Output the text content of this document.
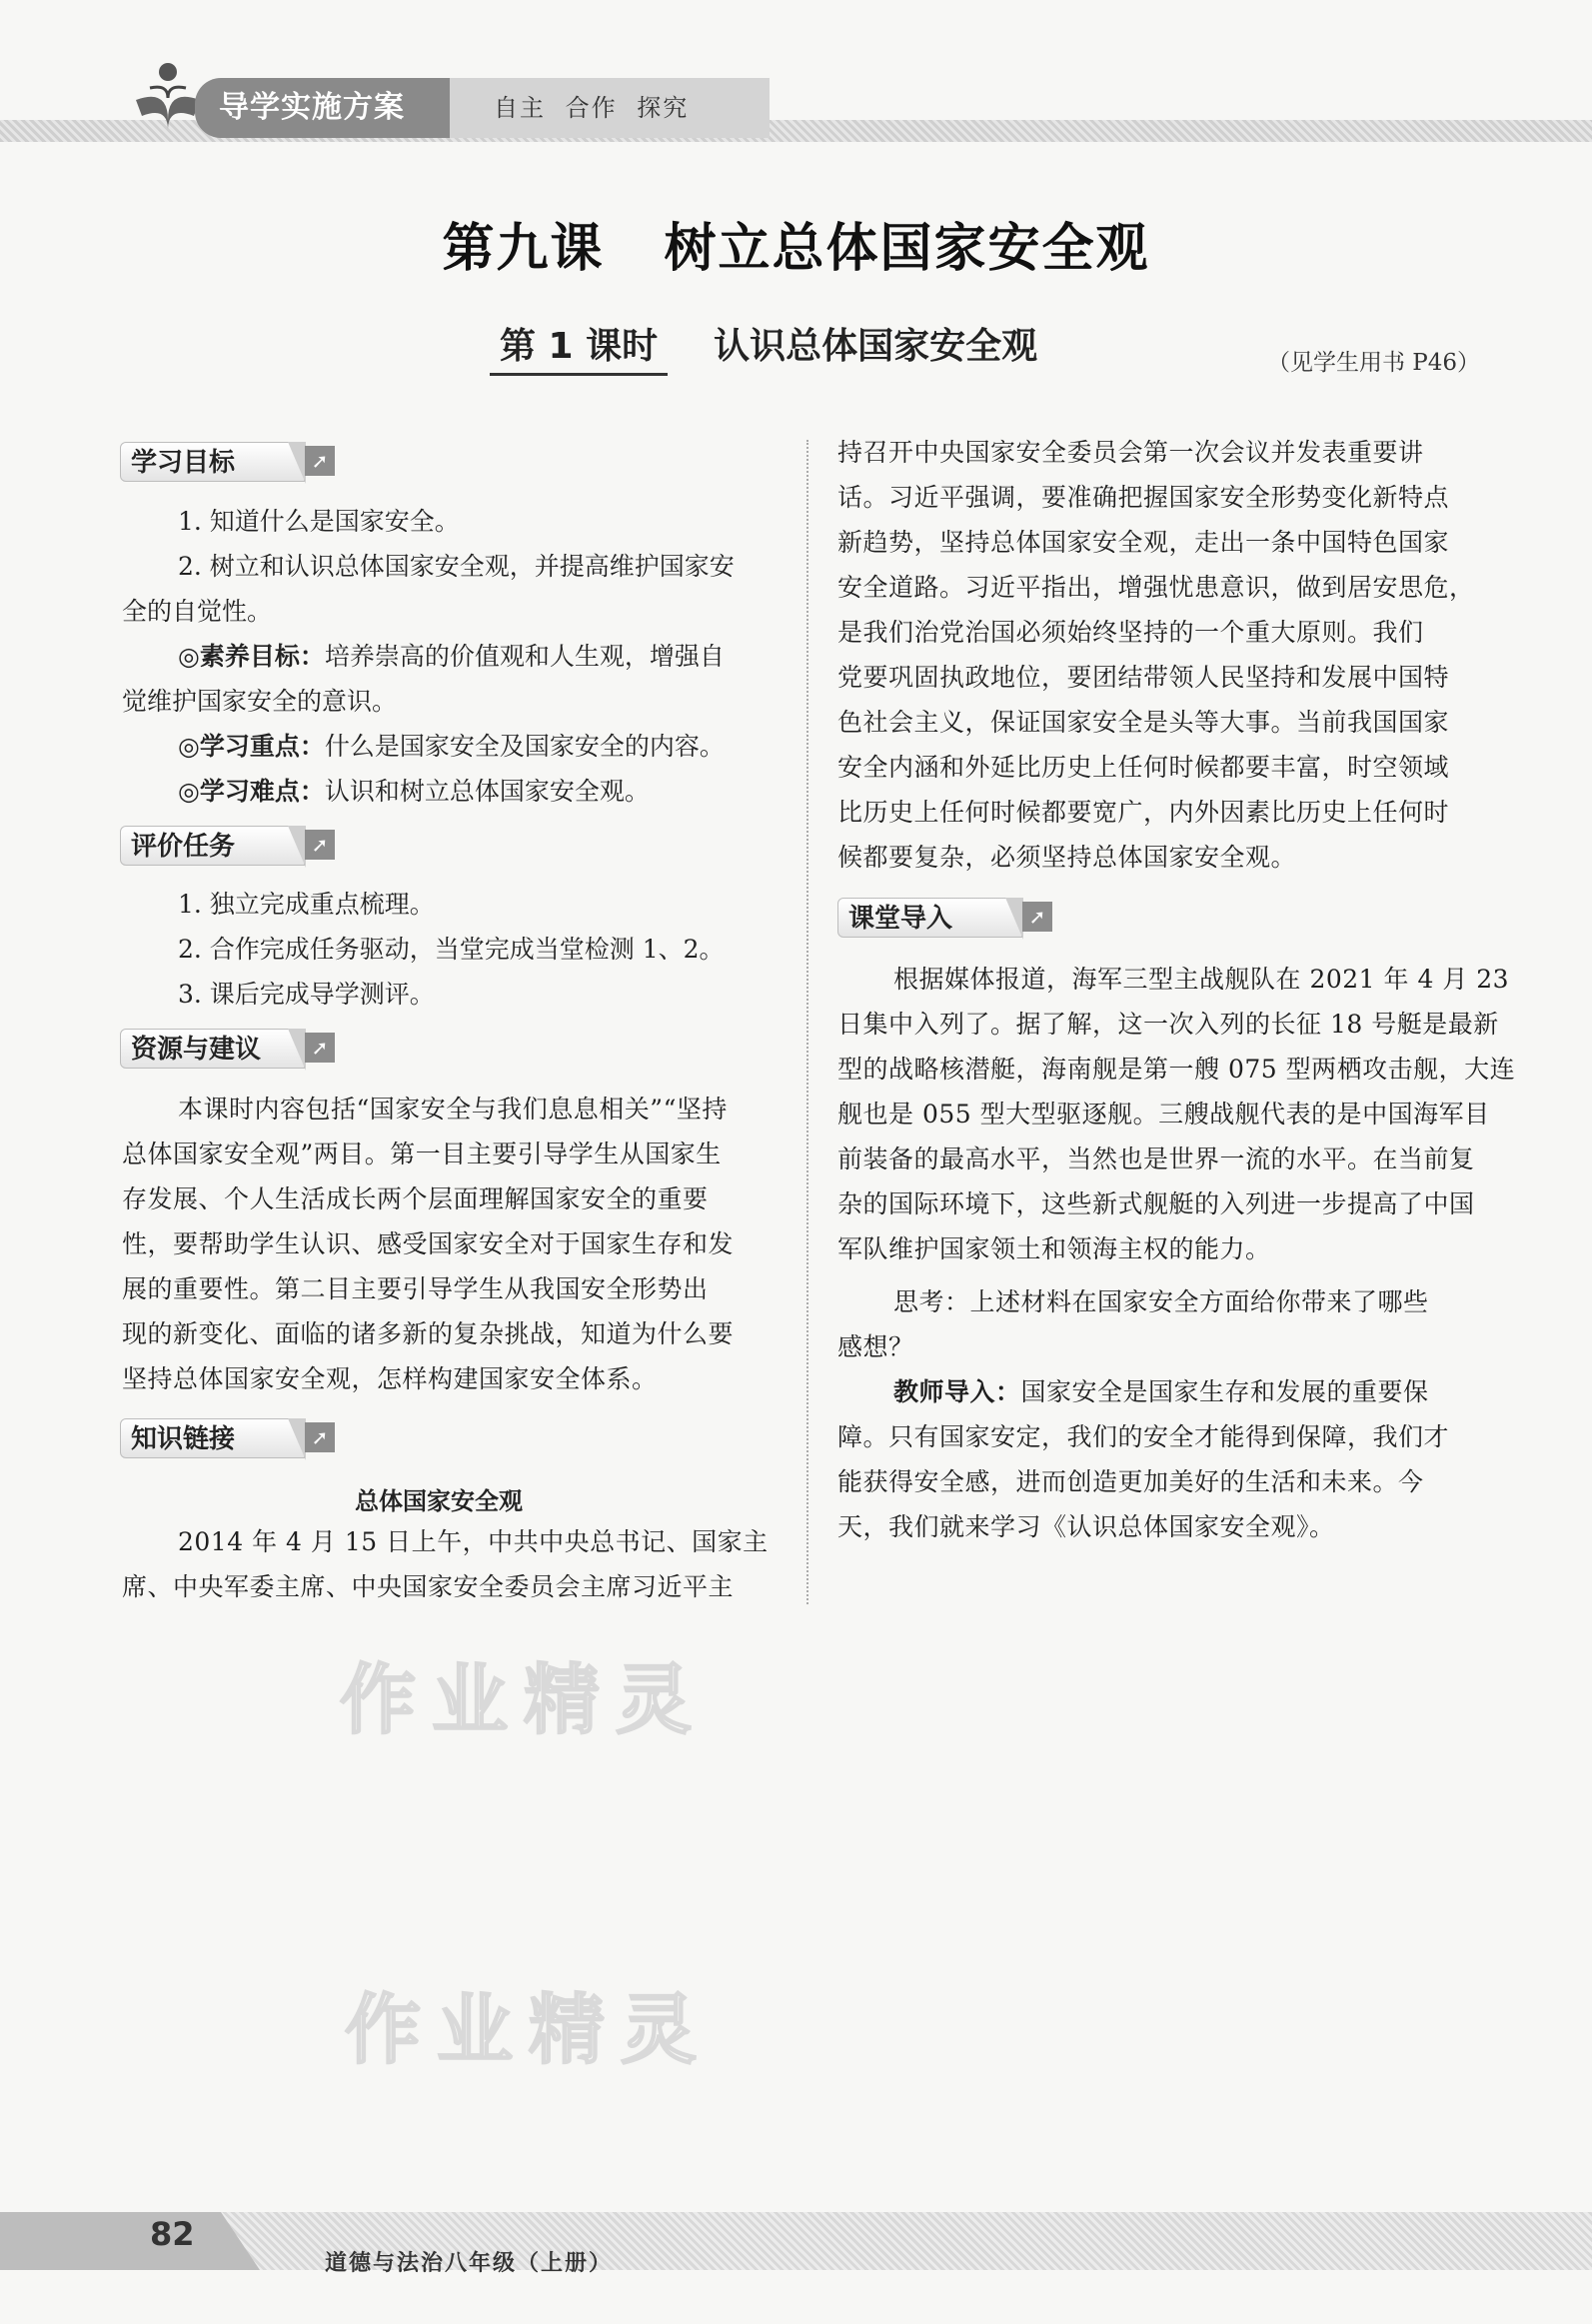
导学实施方案	自主 合作 探究
第九课 树立总体国家安全观
第 1 课时 认识总体国家安全观	（见学生用书 P46）
学习目标	➚
1. 知道什么是国家安全。
2. 树立和认识总体国家安全观，并提高维护国家安
全的自觉性。
◎素养目标：培养崇高的价值观和人生观，增强自
觉维护国家安全的意识。
◎学习重点：什么是国家安全及国家安全的内容。
◎学习难点：认识和树立总体国家安全观。
评价任务	➚
1. 独立完成重点梳理。
2. 合作完成任务驱动，当堂完成当堂检测 1、2。
3. 课后完成导学测评。
资源与建议	➚
本课时内容包括“国家安全与我们息息相关”“坚持
总体国家安全观”两目。第一目主要引导学生从国家生
存发展、个人生活成长两个层面理解国家安全的重要
性，要帮助学生认识、感受国家安全对于国家生存和发
展的重要性。第二目主要引导学生从我国安全形势出
现的新变化、面临的诸多新的复杂挑战，知道为什么要
坚持总体国家安全观，怎样构建国家安全体系。
知识链接	➚
总体国家安全观
2014 年 4 月 15 日上午，中共中央总书记、国家主
席、中央军委主席、中央国家安全委员会主席习近平主
持召开中央国家安全委员会第一次会议并发表重要讲
话。习近平强调，要准确把握国家安全形势变化新特点
新趋势，坚持总体国家安全观，走出一条中国特色国家
安全道路。习近平指出，增强忧患意识，做到居安思危，
是我们治党治国必须始终坚持的一个重大原则。我们
党要巩固执政地位，要团结带领人民坚持和发展中国特
色社会主义，保证国家安全是头等大事。当前我国国家
安全内涵和外延比历史上任何时候都要丰富，时空领域
比历史上任何时候都要宽广，内外因素比历史上任何时
候都要复杂，必须坚持总体国家安全观。
课堂导入	➚
根据媒体报道，海军三型主战舰队在 2021 年 4 月 23
日集中入列了。据了解，这一次入列的长征 18 号艇是最新
型的战略核潜艇，海南舰是第一艘 075 型两栖攻击舰，大连
舰也是 055 型大型驱逐舰。三艘战舰代表的是中国海军目
前装备的最高水平，当然也是世界一流的水平。在当前复
杂的国际环境下，这些新式舰艇的入列进一步提高了中国
军队维护国家领土和领海主权的能力。
思考：上述材料在国家安全方面给你带来了哪些
感想？
教师导入：国家安全是国家生存和发展的重要保
障。只有国家安定，我们的安全才能得到保障，我们才
能获得安全感，进而创造更加美好的生活和未来。今
天，我们就来学习《认识总体国家安全观》。
作业精灵
作业精灵
82
道德与法治八年级（上册）
